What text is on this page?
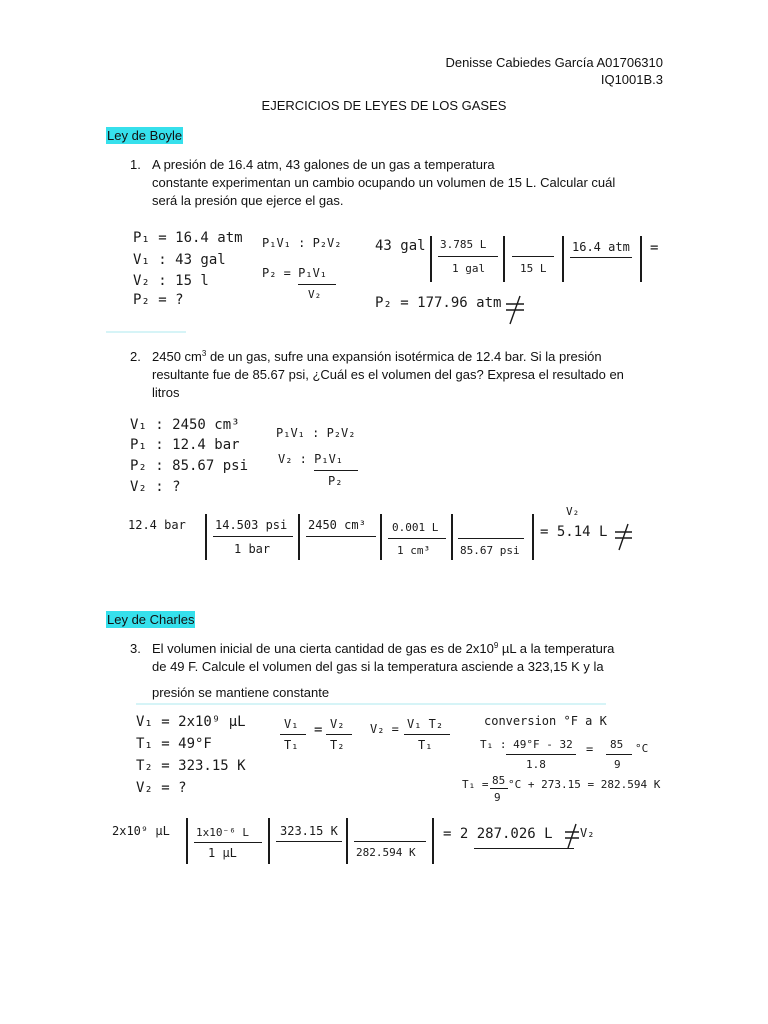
Denisse Cabiedes García A01706310
IQ1001B.3
EJERCICIOS DE LEYES DE LOS GASES
Ley de Boyle
1. A presión de 16.4 atm, 43 galones de un gas a temperatura
constante experimentan un cambio ocupando un volumen de 15 L. Calcular cuál
será la presión que ejerce el gas.
P₁ = 16.4 atm
V₁ : 43 gal
V₂ : 15 l
P₂ = ?
P₁V₁ : P₂V₂
P₂ = P₁V₁
V₂
43 gal 3.785 L
1 gal	15 L
16.4 atm =
P₂ = 177.96 atm
2. 2450 $cm^3$ de un gas, sufre una expansión isotérmica de 12.4 bar. Si la presión
resultante fue de 85.67 psi, ¿Cuál es el volumen del gas? Expresa el resultado en
litros
V₁ : 2450 cm³
P₁ : 12.4 bar
P₂ : 85.67 psi
V₂ : ?
P₁V₁ : P₂V₂
V₂ : P₁V₁
P₂
12.4 bar 14.503 psi
1 bar
2450 cm³ 0.001 L
1 cm³	85.67 psi
V₂
= 5.14 L
Ley de Charles
3. El volumen inicial de una cierta cantidad de gas es de $2x10^9$ µL a la temperatura
de 49 F. Calcule el volumen del gas si la temperatura asciende a 323,15 K y la
presión se mantiene constante
V₁ = 2x10⁹ µL
T₁ = 49°F
T₂ = 323.15 K
V₂ = ?
V₁
T₁
= V₂
T₂
V₂ = V₁ T₂
T₁
conversion °F a K
T₁ : 49°F - 32
1.8
= 85
9
°C
T₁ = 85
9
°C + 273.15 = 282.594 K
2x10⁹ µL 1x10⁻⁶ L
1 µL
323.15 K
282.594 K
= 2 287.026 L V₂
